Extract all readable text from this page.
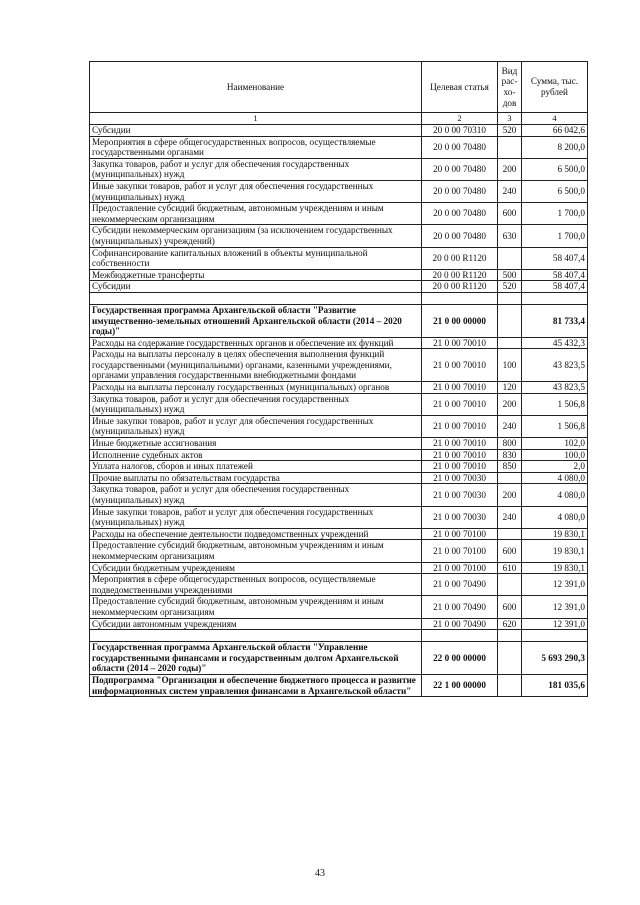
Наименование	Целевая статья	Вид рас-хо-дов	Сумма, тыс. рублей
1	2	3	4
Субсидии	20 0 00 70310	520	66 042,6
Мероприятия в сфере общегосударственных вопросов, осуществляемые государственными органами	20 0 00 70480		8 200,0
Закупка товаров, работ и услуг для обеспечения государственных (муниципальных) нужд	20 0 00 70480	200	6 500,0
Иные закупки товаров, работ и услуг для обеспечения государственных (муниципальных) нужд	20 0 00 70480	240	6 500,0
Предоставление субсидий бюджетным, автономным учреждениям и иным некоммерческим организациям	20 0 00 70480	600	1 700,0
Субсидии некоммерческим организациям (за исключением государственных (муниципальных) учреждений)	20 0 00 70480	630	1 700,0
Софинансирование капитальных вложений в объекты муниципальной собственности	20 0 00 R1120		58 407,4
Межбюджетные трансферты	20 0 00 R1120	500	58 407,4
Субсидии	20 0 00 R1120	520	58 407,4

Государственная программа Архангельской области "Развитие имущественно-земельных отношений Архангельской области (2014 – 2020 годы)"	21 0 00 00000		81 733,4
Расходы на содержание государственных органов и обеспечение их функций	21 0 00 70010		45 432,3
Расходы на выплаты персоналу в целях обеспечения выполнения функций государственными (муниципальными) органами, казенными учреждениями, органами управления государственными внебюджетными фондами	21 0 00 70010	100	43 823,5
Расходы на выплаты персоналу государственных (муниципальных) органов	21 0 00 70010	120	43 823,5
Закупка товаров, работ и услуг для обеспечения государственных (муниципальных) нужд	21 0 00 70010	200	1 506,8
Иные закупки товаров, работ и услуг для обеспечения государственных (муниципальных) нужд	21 0 00 70010	240	1 506,8
Иные бюджетные ассигнования	21 0 00 70010	800	102,0
Исполнение судебных актов	21 0 00 70010	830	100,0
Уплата налогов, сборов и иных платежей	21 0 00 70010	850	2,0
Прочие выплаты по обязательствам государства	21 0 00 70030		4 080,0
Закупка товаров, работ и услуг для обеспечения государственных (муниципальных) нужд	21 0 00 70030	200	4 080,0
Иные закупки товаров, работ и услуг для обеспечения государственных (муниципальных) нужд	21 0 00 70030	240	4 080,0
Расходы на обеспечение деятельности подведомственных учреждений	21 0 00 70100		19 830,1
Предоставление субсидий бюджетным, автономным учреждениям и иным некоммерческим организациям	21 0 00 70100	600	19 830,1
Субсидии бюджетным учреждениям	21 0 00 70100	610	19 830,1
Мероприятия в сфере общегосударственных вопросов, осуществляемые подведомственными учреждениями	21 0 00 70490		12 391,0
Предоставление субсидий бюджетным, автономным учреждениям и иным некоммерческим организациям	21 0 00 70490	600	12 391,0
Субсидии автономным учреждениям	21 0 00 70490	620	12 391,0

Государственная программа Архангельской области "Управление государственными финансами и государственным долгом Архангельской области (2014 – 2020 годы)"	22 0 00 00000		5 693 290,3
Подпрограмма "Организация и обеспечение бюджетного процесса и развитие информационных систем управления финансами в Архангельской области"	22 1 00 00000		181 035,6
43
